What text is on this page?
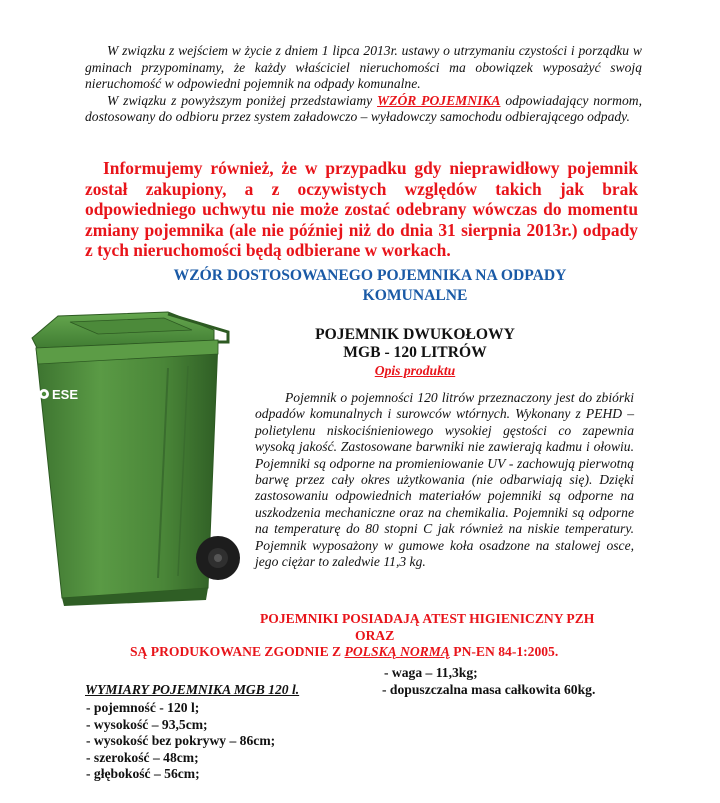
W związku z wejściem w życie z dniem 1 lipca 2013r. ustawy o utrzymaniu czystości i porządku w gminach przypominamy, że każdy właściciel nieruchomości ma obowiązek wyposażyć swoją nieruchomość w odpowiedni pojemnik na odpady komunalne.

W związku z powyższym poniżej przedstawiamy WZÓR POJEMNIKA odpowiadający normom, dostosowany do odbioru przez system załadowczo – wyładowczy samochodu odbierającego odpady.

Informujemy również, że w przypadku gdy nieprawidłowy pojemnik został zakupiony, a z oczywistych względów takich jak brak odpowiedniego uchwytu nie może zostać odebrany wówczas do momentu zmiany pojemnika (ale nie później niż do dnia 31 sierpnia 2013r.) odpady z tych nieruchomości będą odbierane w workach.
WZÓR DOSTOSOWANEGO POJEMNIKA NA ODPADY
KOMUNALNE
ESE
POJEMNIK DWUKOŁOWY
MGB - 120 LITRÓW
Opis produktu
Pojemnik o pojemności 120 litrów przeznaczony jest do zbiórki odpadów komunalnych i surowców wtórnych. Wykonany z PEHD – polietylenu niskociśnieniowego wysokiej gęstości co zapewnia wysoką jakość. Zastosowane barwniki nie zawierają kadmu i ołowiu. Pojemniki są odporne na promieniowanie UV - zachowują pierwotną barwę przez cały okres użytkowania (nie odbarwiają się). Dzięki zastosowaniu odpowiednich materiałów pojemniki są odporne na uszkodzenia mechaniczne oraz na chemikalia. Pojemniki są odporne na temperaturę do 80 stopni C jak również na niskie temperatury. Pojemnik wyposażony w gumowe koła osadzone na stalowej osce, jego ciężar to zaledwie 11,3 kg.
POJEMNIKI POSIADAJĄ ATEST HIGIENICZNY PZH
ORAZ
SĄ PRODUKOWANE ZGODNIE Z POLSKĄ NORMĄ PN-EN 84-1:2005.
- waga – 11,3kg;
- dopuszczalna masa całkowita 60kg.
WYMIARY POJEMNIKA MGB 120 l.
- pojemność - 120 l;
- wysokość – 93,5cm;
- wysokość bez pokrywy – 86cm;
- szerokość – 48cm;
- głębokość – 56cm;
